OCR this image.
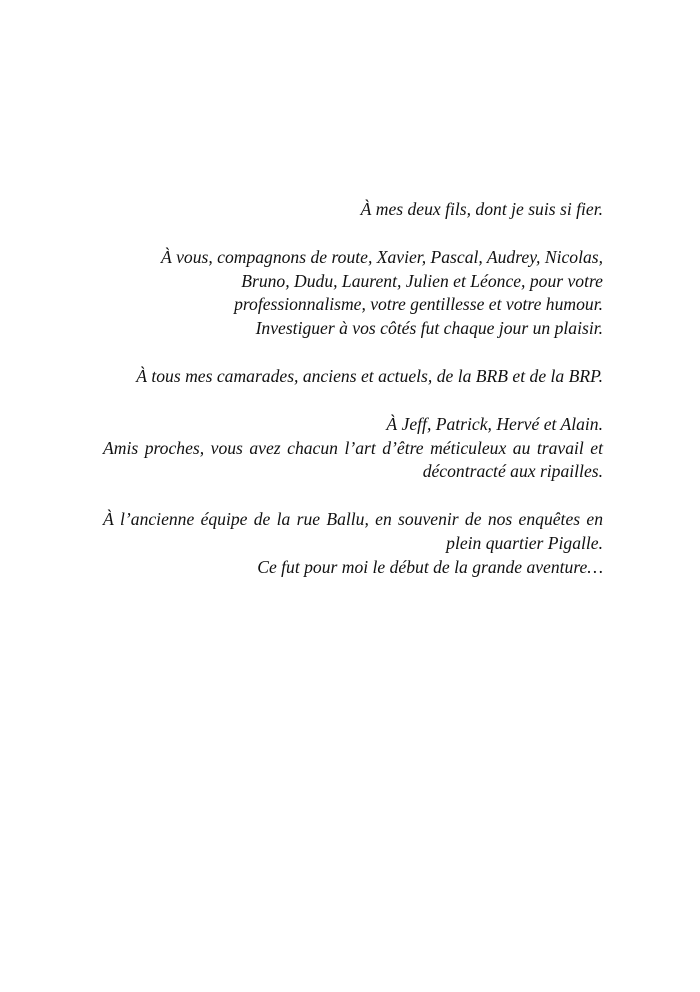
À mes deux fils, dont je suis si fier.

À vous, compagnons de route, Xavier, Pascal, Audrey, Nicolas,
Bruno, Dudu, Laurent, Julien et Léonce, pour votre
professionnalisme, votre gentillesse et votre humour.
Investiguer à vos côtés fut chaque jour un plaisir.

À tous mes camarades, anciens et actuels, de la BRB et de la BRP.

À Jeff, Patrick, Hervé et Alain.
Amis proches, vous avez chacun l’art d’être méticuleux au travail et
décontracté aux ripailles.

À l’ancienne équipe de la rue Ballu, en souvenir de nos enquêtes en
plein quartier Pigalle.
Ce fut pour moi le début de la grande aventure…
